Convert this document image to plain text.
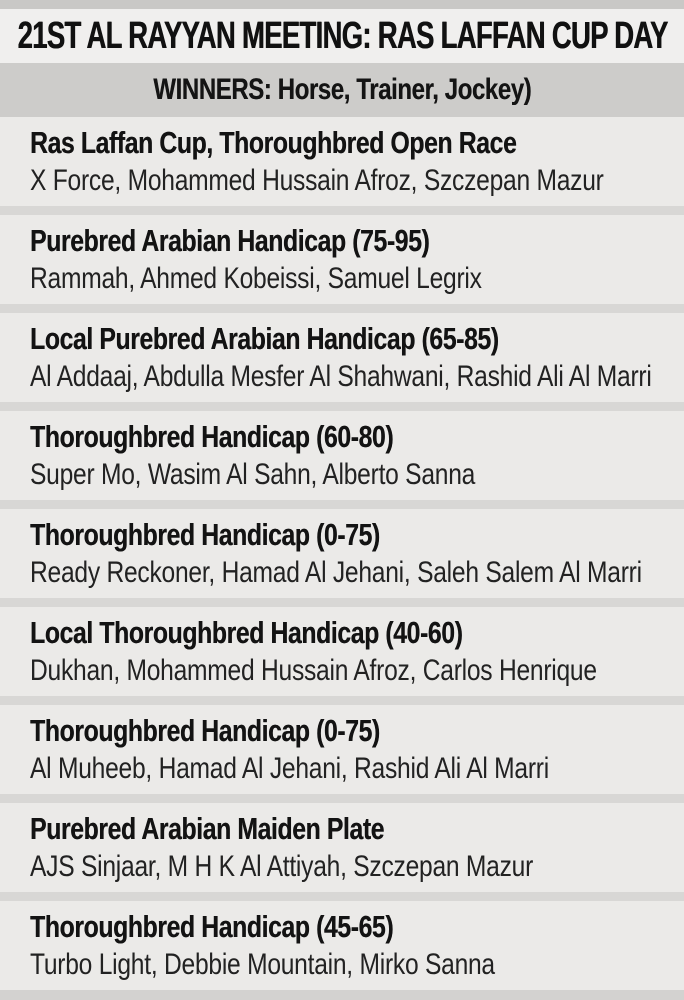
21ST AL RAYYAN MEETING: RAS LAFFAN CUP DAY
WINNERS: Horse, Trainer, Jockey)
Ras Laffan Cup, Thoroughbred Open Race
X Force, Mohammed Hussain Afroz, Szczepan Mazur
Purebred Arabian Handicap (75-95)
Rammah, Ahmed Kobeissi, Samuel Legrix
Local Purebred Arabian Handicap (65-85)
Al Addaaj, Abdulla Mesfer Al Shahwani, Rashid Ali Al Marri
Thoroughbred Handicap (60-80)
Super Mo, Wasim Al Sahn, Alberto Sanna
Thoroughbred Handicap (0-75)
Ready Reckoner, Hamad Al Jehani, Saleh Salem Al Marri
Local Thoroughbred Handicap (40-60)
Dukhan, Mohammed Hussain Afroz, Carlos Henrique
Thoroughbred Handicap (0-75)
Al Muheeb, Hamad Al Jehani, Rashid Ali Al Marri
Purebred Arabian Maiden Plate
AJS Sinjaar, M H K Al Attiyah, Szczepan Mazur
Thoroughbred Handicap (45-65)
Turbo Light, Debbie Mountain, Mirko Sanna
